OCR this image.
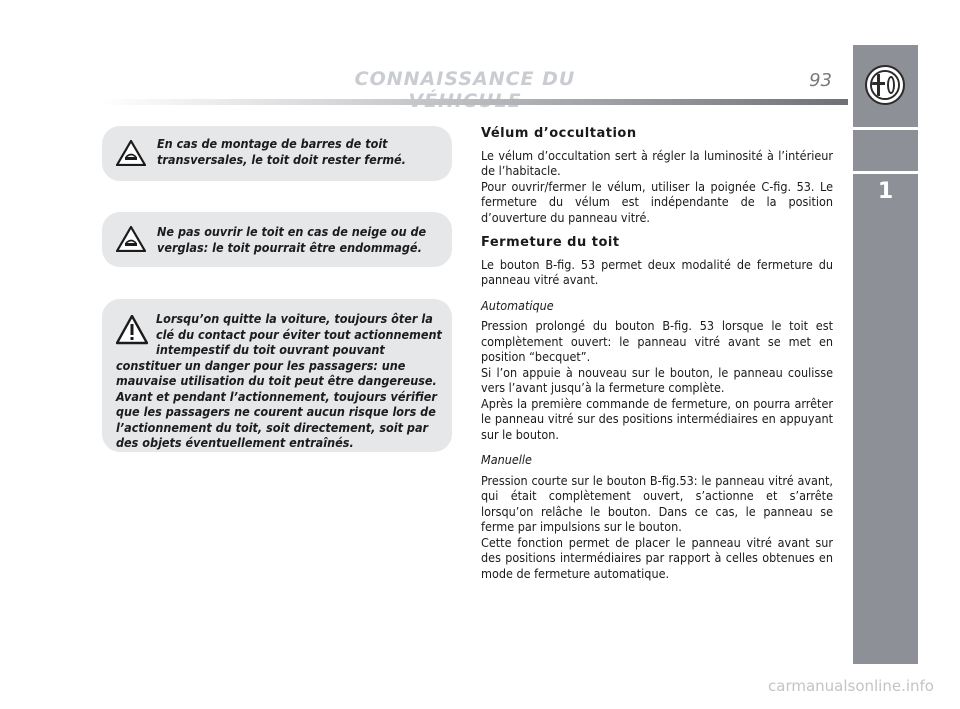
CONNAISSANCE DU	93
1
En cas de montage de barres de toit transversales, le toit doit rester fermé.
Ne pas ouvrir le toit en cas de neige ou de verglas: le toit pourrait être endommagé.
Lorsqu’on quitte la voiture, toujours ôter la clé du contact pour éviter tout actionnement intempestif du toit ouvrant pouvant constituer un danger pour les passagers: une mauvaise utilisation du toit peut être dangereuse. Avant et pendant l’actionnement, toujours vérifier que les passagers ne courent aucun risque lors de l’actionnement du toit, soit directement, soit par des objets éventuellement entraînés.
Vélum d’occultation

Le vélum d’occultation sert à régler la luminosité à l’intérieur de l’habitacle.

Pour ouvrir/fermer le vélum, utiliser la poignée C-fig. 53. Le fermeture du vélum est indépendante de la position d’ouverture du panneau vitré.

Fermeture du toit

Le bouton B-fig. 53 permet deux modalité de fermeture du panneau vitré avant.

Automatique

Pression prolongé du bouton B-fig. 53 lorsque le toit est complètement ouvert: le panneau vitré avant se met en position “becquet”.

Si l’on appuie à nouveau sur le bouton, le panneau coulisse vers l’avant jusqu’à la fermeture complète.

Après la première commande de fermeture, on pourra arrêter le panneau vitré sur des positions intermédiaires en appuyant sur le bouton.

Manuelle

Pression courte sur le bouton B-fig.53: le panneau vitré avant, qui était complètement ouvert, s’actionne et s’arrête lorsqu’on relâche le bouton. Dans ce cas, le panneau se ferme par impulsions sur le bouton.

Cette fonction permet de placer le panneau vitré avant sur des positions intermédiaires par rapport à celles obtenues en mode de fermeture automatique.

carmanualsonline.info
